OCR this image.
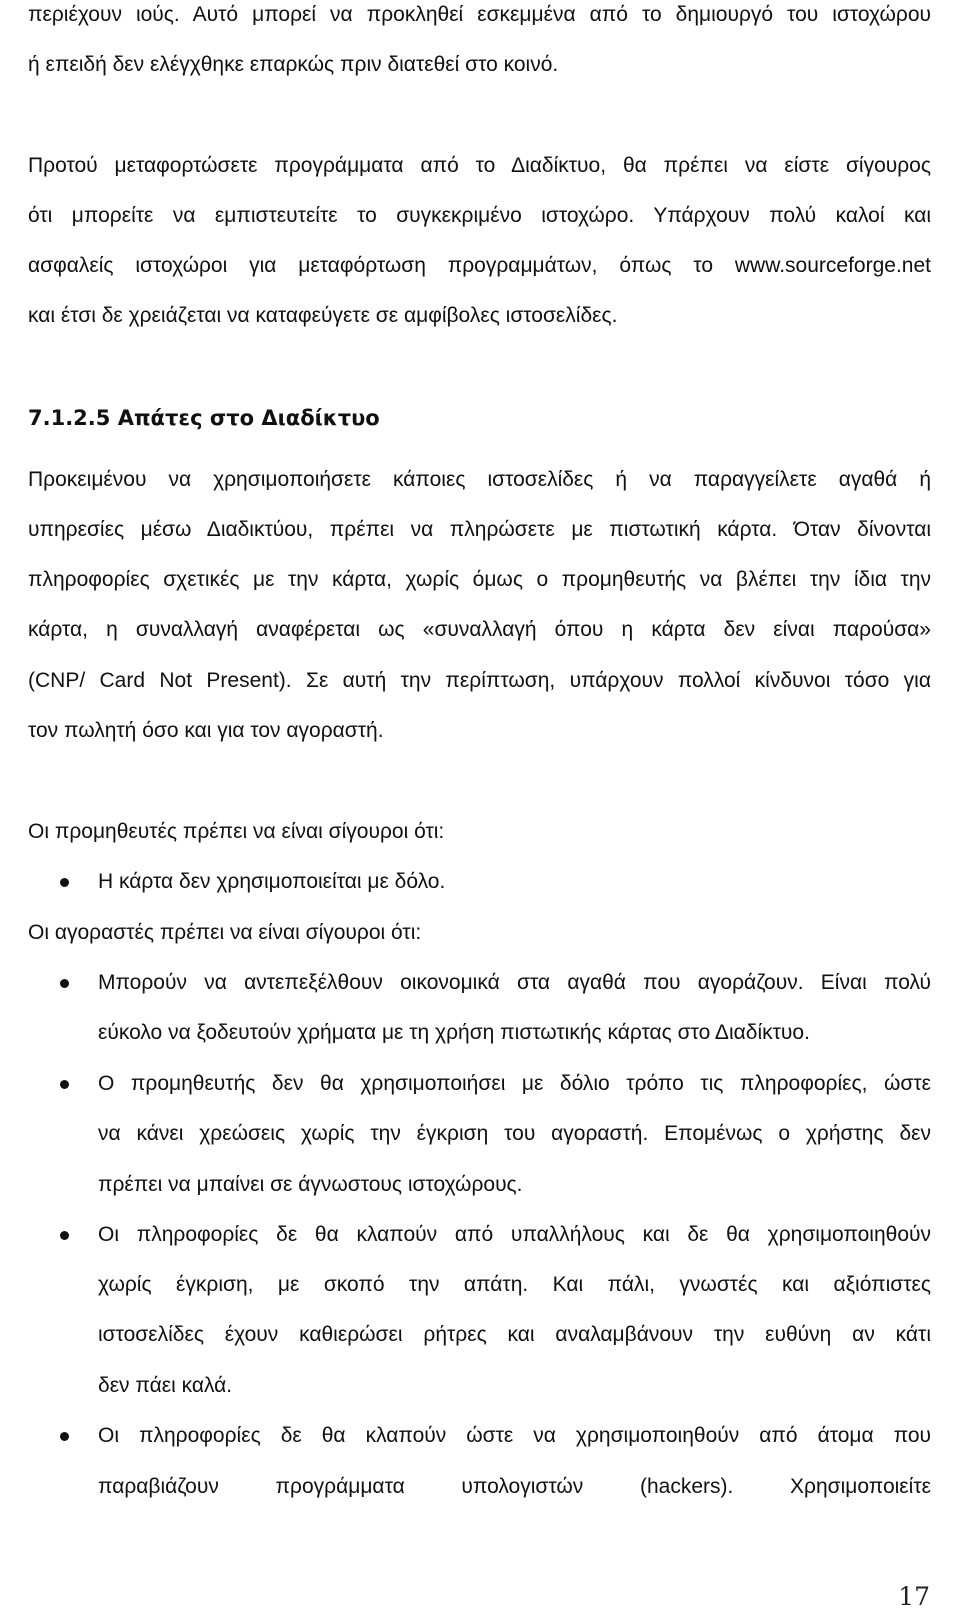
περιέχουν ιούς. Αυτό μπορεί να προκληθεί εσκεμμένα από το δημιουργό του ιστοχώρου
ή επειδή δεν ελέγχθηκε επαρκώς πριν διατεθεί στο κοινό.
Προτού μεταφορτώσετε προγράμματα από το Διαδίκτυο, θα πρέπει να είστε σίγουρος
ότι μπορείτε να εμπιστευτείτε το συγκεκριμένο ιστοχώρο. Υπάρχουν πολύ καλοί και
ασφαλείς ιστοχώροι για μεταφόρτωση προγραμμάτων, όπως το www.sourceforge.net
και έτσι δε χρειάζεται να καταφεύγετε σε αμφίβολες ιστοσελίδες.
7.1.2.5 Απάτες στο Διαδίκτυο
Προκειμένου να χρησιμοποιήσετε κάποιες ιστοσελίδες ή να παραγγείλετε αγαθά ή
υπηρεσίες μέσω Διαδικτύου, πρέπει να πληρώσετε με πιστωτική κάρτα. Όταν δίνονται
πληροφορίες σχετικές με την κάρτα, χωρίς όμως ο προμηθευτής να βλέπει την ίδια την
κάρτα, η συναλλαγή αναφέρεται ως «συναλλαγή όπου η κάρτα δεν είναι παρούσα»
(CNP/ Card Not Present). Σε αυτή την περίπτωση, υπάρχουν πολλοί κίνδυνοι τόσο για
τον πωλητή όσο και για τον αγοραστή.
Οι προμηθευτές πρέπει να είναι σίγουροι ότι:
Η κάρτα δεν χρησιμοποιείται με δόλο.
Οι αγοραστές πρέπει να είναι σίγουροι ότι:
Μπορούν να αντεπεξέλθουν οικονομικά στα αγαθά που αγοράζουν. Είναι πολύ
εύκολο να ξοδευτούν χρήματα με τη χρήση πιστωτικής κάρτας στο Διαδίκτυο.
Ο προμηθευτής δεν θα χρησιμοποιήσει με δόλιο τρόπο τις πληροφορίες, ώστε
να κάνει χρεώσεις χωρίς την έγκριση του αγοραστή. Επομένως ο χρήστης δεν
πρέπει να μπαίνει σε άγνωστους ιστοχώρους.
Οι πληροφορίες δε θα κλαπούν από υπαλλήλους και δε θα χρησιμοποιηθούν
χωρίς έγκριση, με σκοπό την απάτη. Και πάλι, γνωστές και αξιόπιστες
ιστοσελίδες έχουν καθιερώσει ρήτρες και αναλαμβάνουν την ευθύνη αν κάτι
δεν πάει καλά.
Οι πληροφορίες δε θα κλαπούν ώστε να χρησιμοποιηθούν από άτομα που
παραβιάζουν προγράμματα υπολογιστών (hackers). Χρησιμοποιείτε
17
